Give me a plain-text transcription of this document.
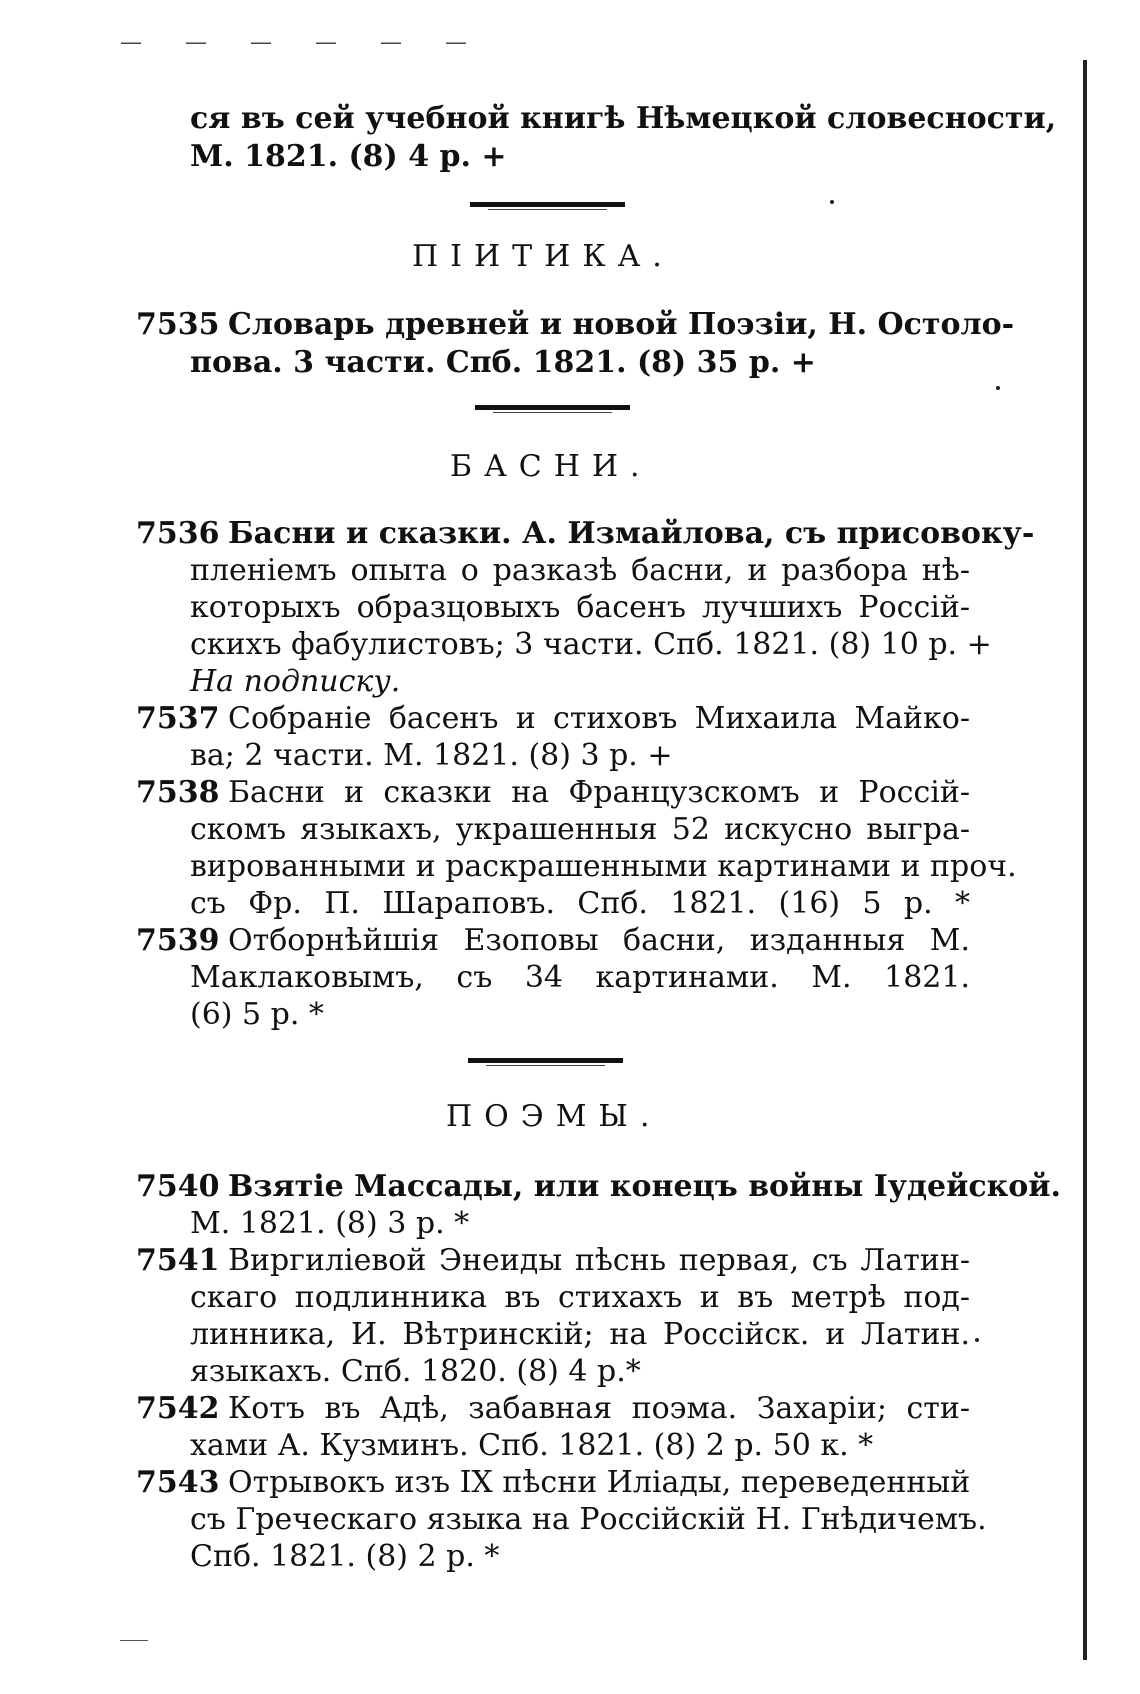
— — — — — —
ся въ сей учебной книгѣ Нѣмецкой словесности,
М. 1821. (8) 4 р. +
ПІИТИКА.
7535 Словарь древней и новой Поэзіи, Н. Остоло-
пова. 3 части. Спб. 1821. (8) 35 р. +
БАСНИ.
7536 Басни и сказки. А. Измайлова, съ присовоку-
пленіемъ опыта о разказѣ басни, и разбора нѣ-
которыхъ образцовыхъ басенъ лучшихъ Россій-
скихъ фабулистовъ; 3 части. Спб. 1821. (8) 10 р. +
На подписку.
7537 Собраніе басенъ и стиховъ Михаила Майко-
ва; 2 части. М. 1821. (8) 3 р. +
7538 Басни и сказки на Французскомъ и Россій-
скомъ языкахъ, украшенныя 52 искусно выгра-
вированными и раскрашенными картинами и проч.
съ Фр. П. Шараповъ. Спб. 1821. (16) 5 р. *
7539 Отборнѣйшія Езоповы басни, изданныя М.
Маклаковымъ, съ 34 картинами. М. 1821.
(6) 5 р. *
ПОЭМЫ.
7540 Взятіе Массады, или конецъ войны Іудейской.
М. 1821. (8) 3 р. *
7541 Виргиліевой Энеиды пѣснь первая, съ Латин-
скаго подлинника въ стихахъ и въ метрѣ под-
линника, И. Вѣтринскій; на Россійск. и Латин.
языкахъ. Спб. 1820. (8) 4 р.*
7542 Котъ въ Адѣ, забавная поэма. Захаріи; сти-
хами А. Кузминъ. Спб. 1821. (8) 2 р. 50 к. *
7543 Отрывокъ изъ IX пѣсни Иліады, переведенный
съ Греческаго языка на Россійскій Н. Гнѣдичемъ.
Спб. 1821. (8) 2 р. *
